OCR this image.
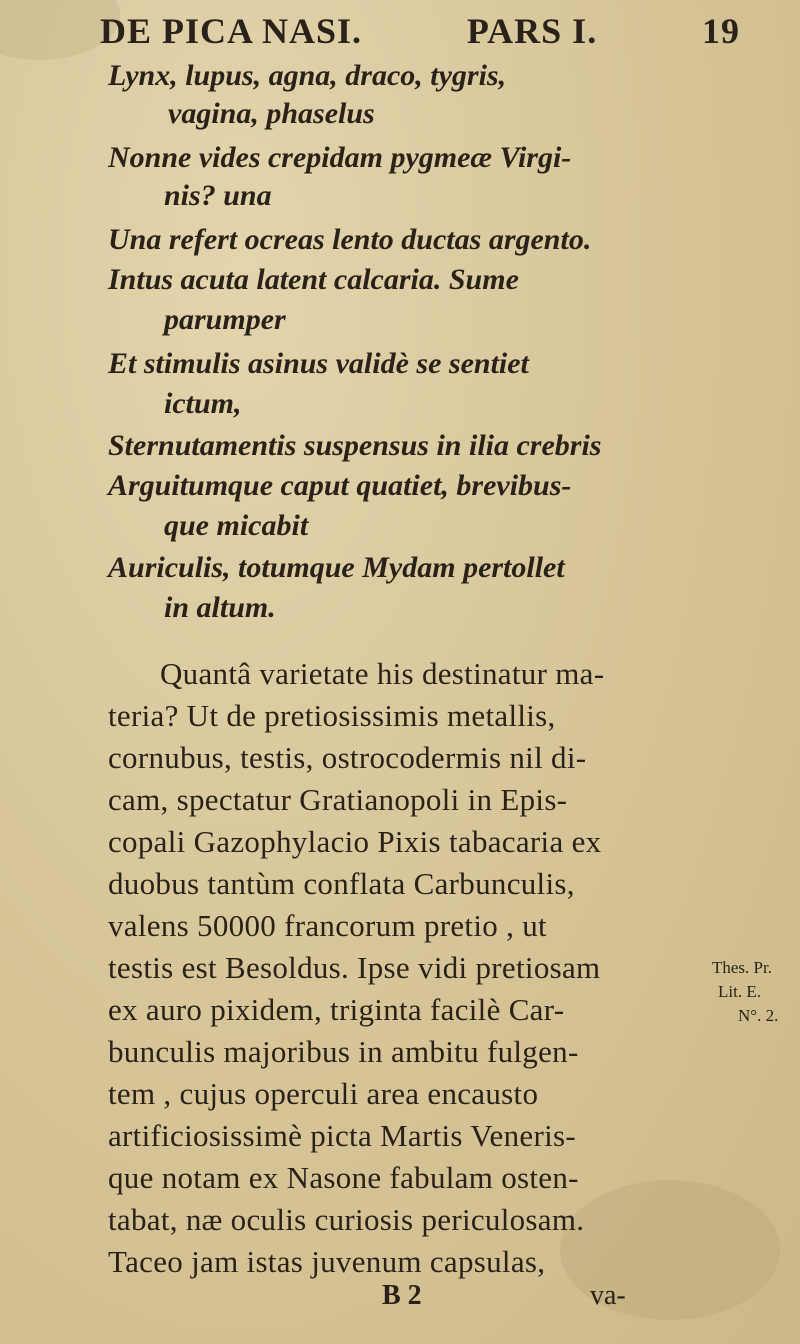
DE PICA NASI.	PARS I.	19
Lynx, lupus, agna, draco, tygris,
vagina, phaselus
Nonne vides crepidam pygmeæ Virgi-
nis? una
Una refert ocreas lento ductas argento.
Intus acuta latent calcaria. Sume
parumper
Et stimulis asinus validè se sentiet
ictum,
Sternutamentis suspensus in ilia crebris
Arguitumque caput quatiet, brevibus-
que micabit
Auriculis, totumque Mydam pertollet
in altum.
Quantâ varietate his destinatur ma-
teria? Ut de pretiosissimis metallis,
cornubus, testis, ostrocodermis nil di-
cam, spectatur Gratianopoli in Epis-
copali Gazophylacio Pixis tabacaria ex
duobus tantùm conflata Carbunculis,
valens 50000 francorum pretio , ut
testis est Besoldus. Ipse vidi pretiosam
ex auro pixidem, triginta facilè Car-
bunculis majoribus in ambitu fulgen-
tem , cujus operculi area encausto
artificiosissimè picta Martis Veneris-
que notam ex Nasone fabulam osten-
tabat, næ oculis curiosis periculosam.
Taceo jam istas juvenum capsulas,
Thes. Pr.
Lit. E.
N°. 2.
B 2	va-
